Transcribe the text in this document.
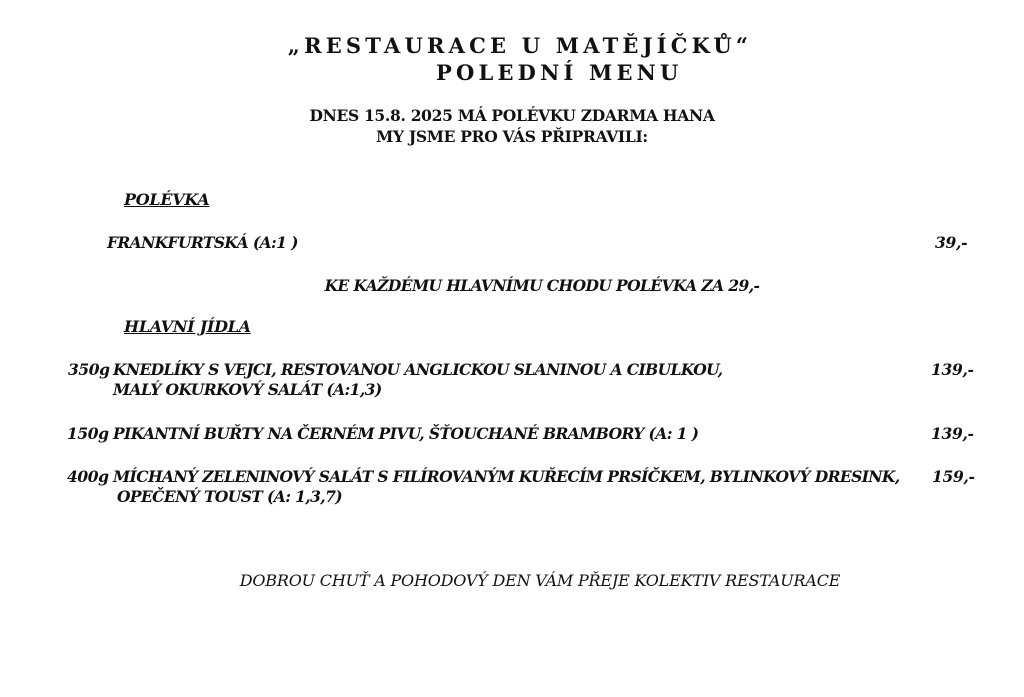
„RESTAURACE U MATĚJÍČKŮ“
POLEDNÍ MENU
DNES 15.8. 2025 MÁ POLÉVKU ZDARMA HANA
MY JSME PRO VÁS PŘIPRAVILI:
POLÉVKA
FRANKFURTSKÁ (A:1 )	39,-
KE KAŽDÉMU HLAVNÍMU CHODU POLÉVKA ZA 29,-
HLAVNÍ JÍDLA
350g KNEDLÍKY S VEJCI, RESTOVANOU ANGLICKOU SLANINOU A CIBULKOU,
MALÝ OKURKOVÝ SALÁT (A:1,3)
139,-
150g PIKANTNÍ BUŘTY NA ČERNÉM PIVU, ŠŤOUCHANÉ BRAMBORY (A: 1 )	139,-
400g MÍCHANÝ ZELENINOVÝ SALÁT S FILÍROVANÝM KUŘECÍM PRSÍČKEM, BYLINKOVÝ DRESINK,
OPEČENÝ TOUST (A: 1,3,7)
159,-
DOBROU CHUŤ A POHODOVÝ DEN VÁM PŘEJE KOLEKTIV RESTAURACE
